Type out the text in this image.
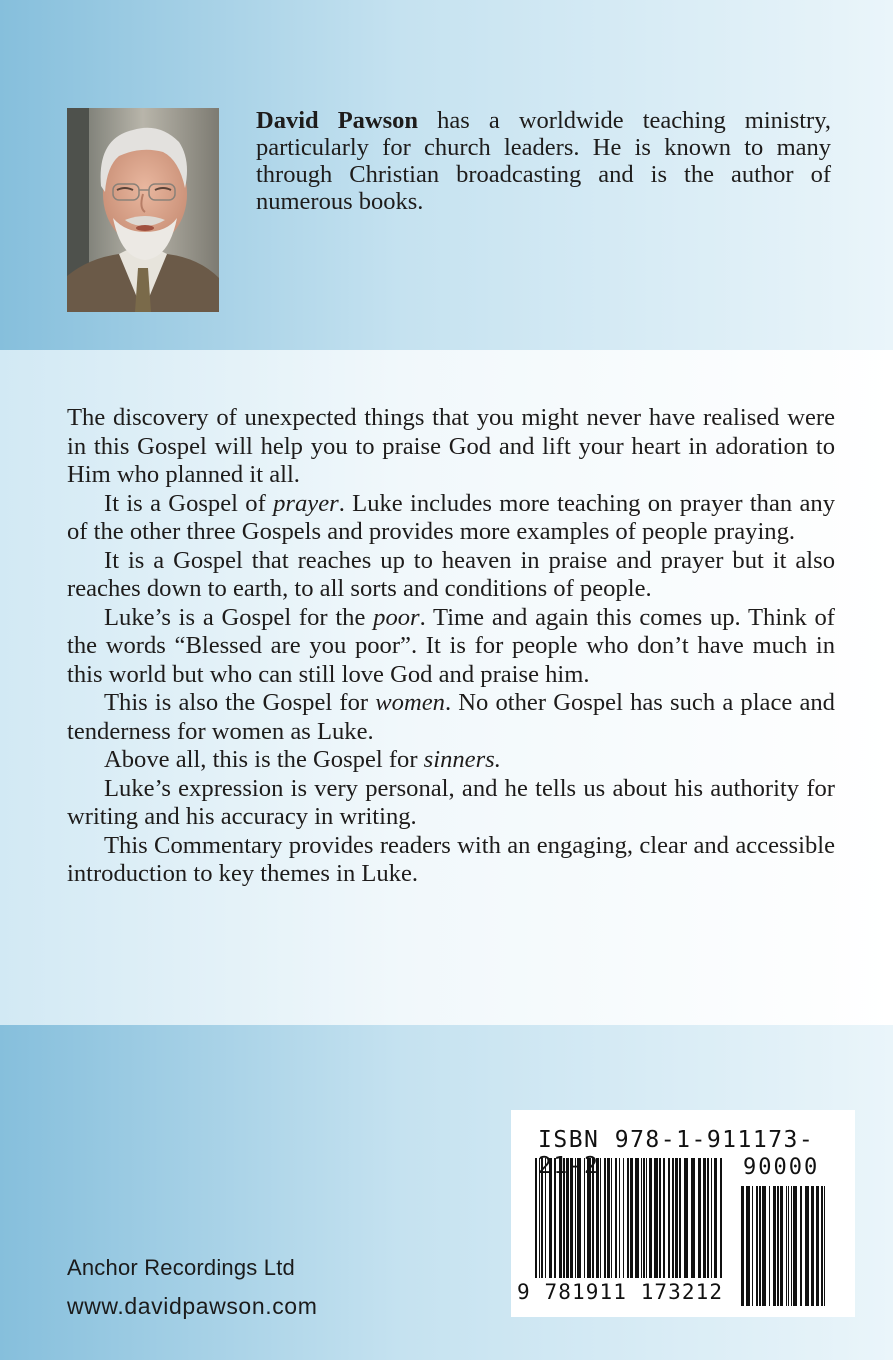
David Pawson has a worldwide teaching ministry, particularly for church leaders. He is known to many through Christian broadcasting and is the author of numerous books.

The discovery of unexpected things that you might never have realised were in this Gospel will help you to praise God and lift your heart in adoration to Him who planned it all.

It is a Gospel of prayer. Luke includes more teaching on prayer than any of the other three Gospels and provides more examples of people praying.

It is a Gospel that reaches up to heaven in praise and prayer but it also reaches down to earth, to all sorts and conditions of people.

Luke’s is a Gospel for the poor. Time and again this comes up. Think of the words “Blessed are you poor”. It is for people who don’t have much in this world but who can still love God and praise him.

This is also the Gospel for women. No other Gospel has such a place and tenderness for women as Luke.

Above all, this is the Gospel for sinners.

Luke’s expression is very personal, and he tells us about his authority for writing and his accuracy in writing.

This Commentary provides readers with an engaging, clear and accessible introduction to key themes in Luke.

Anchor Recordings Ltd
www.davidpawson.com
ISBN 978-1-911173-21-2	90000
9 781911 173212
